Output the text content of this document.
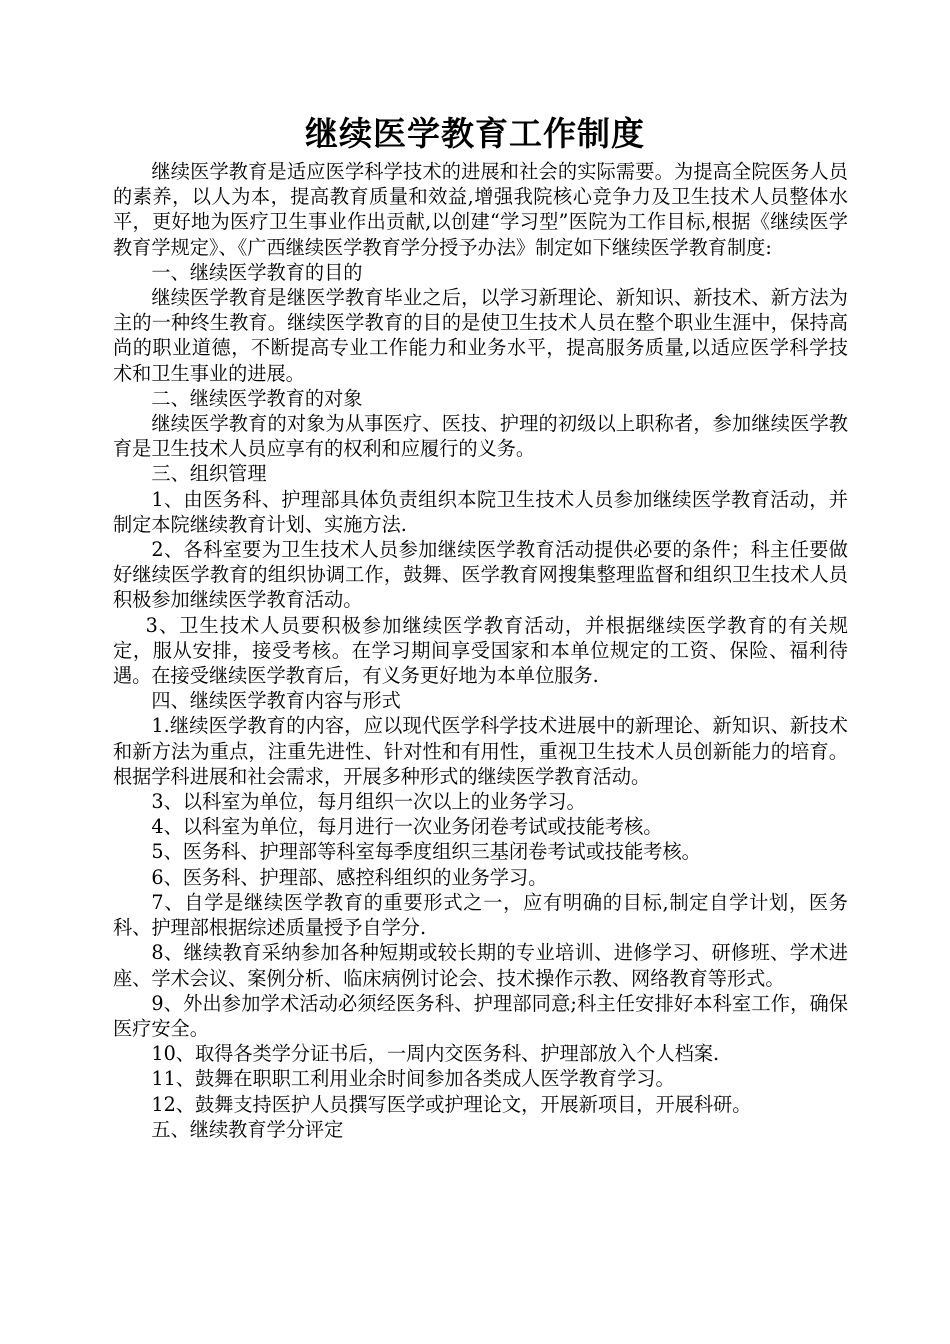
继续医学教育工作制度

继续医学教育是适应医学科学技术的进展和社会的实际需要。为提高全院医务人员的素养，以人为本，提高教育质量和效益,增强我院核心竞争力及卫生技术人员整体水平，更好地为医疗卫生事业作出贡献,以创建“学习型”医院为工作目标,根据《继续医学教育学规定》、《广西继续医学教育学分授予办法》制定如下继续医学教育制度:

一、继续医学教育的目的

继续医学教育是继医学教育毕业之后，以学习新理论、新知识、新技术、新方法为主的一种终生教育。继续医学教育的目的是使卫生技术人员在整个职业生涯中，保持高尚的职业道德，不断提高专业工作能力和业务水平，提高服务质量,以适应医学科学技术和卫生事业的进展。

二、继续医学教育的对象

继续医学教育的对象为从事医疗、医技、护理的初级以上职称者，参加继续医学教育是卫生技术人员应享有的权利和应履行的义务。

三、组织管理

1、由医务科、护理部具体负责组织本院卫生技术人员参加继续医学教育活动，并制定本院继续教育计划、实施方法.

2、各科室要为卫生技术人员参加继续医学教育活动提供必要的条件；科主任要做好继续医学教育的组织协调工作，鼓舞、医学教育网搜集整理监督和组织卫生技术人员积极参加继续医学教育活动。

3、卫生技术人员要积极参加继续医学教育活动，并根据继续医学教育的有关规定，服从安排，接受考核。在学习期间享受国家和本单位规定的工资、保险、福利待遇。在接受继续医学教育后，有义务更好地为本单位服务.

四、继续医学教育内容与形式

1.继续医学教育的内容，应以现代医学科学技术进展中的新理论、新知识、新技术和新方法为重点，注重先进性、针对性和有用性，重视卫生技术人员创新能力的培育。根据学科进展和社会需求，开展多种形式的继续医学教育活动。

3、以科室为单位，每月组织一次以上的业务学习。

4、以科室为单位，每月进行一次业务闭卷考试或技能考核。

5、医务科、护理部等科室每季度组织三基闭卷考试或技能考核。

6、医务科、护理部、感控科组织的业务学习。

7、自学是继续医学教育的重要形式之一，应有明确的目标,制定自学计划，医务科、护理部根据综述质量授予自学分.

8、继续教育采纳参加各种短期或较长期的专业培训、进修学习、研修班、学术进座、学术会议、案例分析、临床病例讨论会、技术操作示教、网络教育等形式。

9、外出参加学术活动必须经医务科、护理部同意;科主任安排好本科室工作，确保医疗安全。

10、取得各类学分证书后，一周内交医务科、护理部放入个人档案.

11、鼓舞在职职工利用业余时间参加各类成人医学教育学习。

12、鼓舞支持医护人员撰写医学或护理论文，开展新项目，开展科研。

五、继续教育学分评定
